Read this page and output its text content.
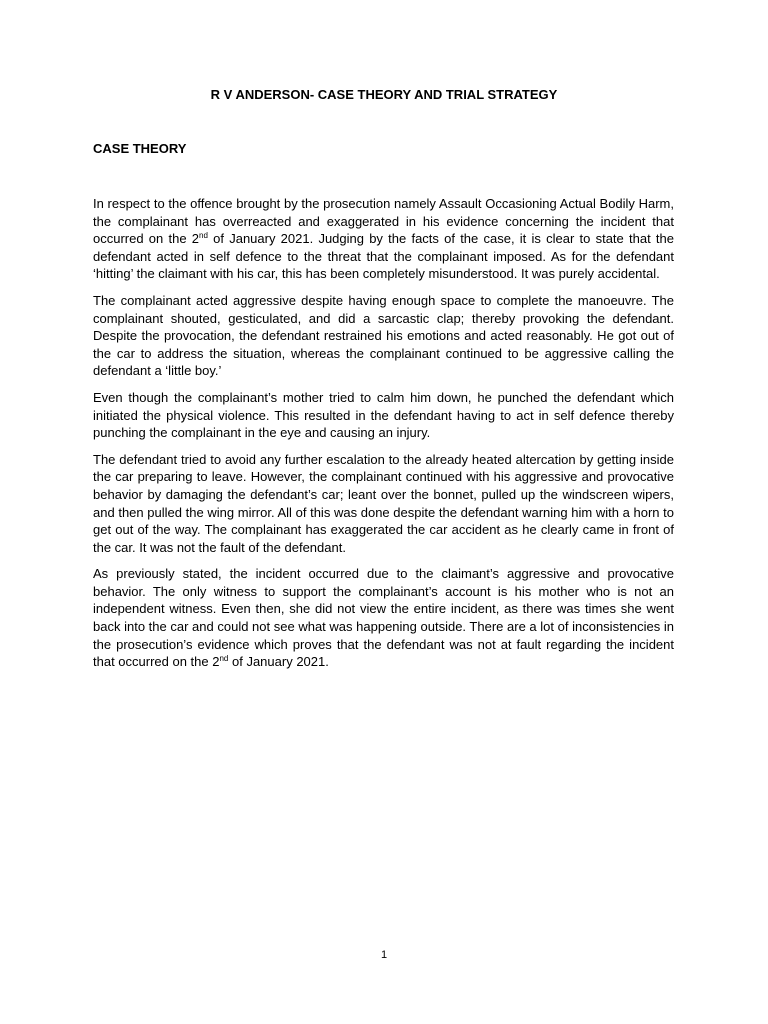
R V ANDERSON- CASE THEORY AND TRIAL STRATEGY
CASE THEORY

In respect to the offence brought by the prosecution namely Assault Occasioning Actual Bodily Harm, the complainant has overreacted and exaggerated in his evidence concerning the incident that occurred on the 2nd of January 2021. Judging by the facts of the case, it is clear to state that the defendant acted in self defence to the threat that the complainant imposed. As for the defendant ‘hitting’ the claimant with his car, this has been completely misunderstood. It was purely accidental.

The complainant acted aggressive despite having enough space to complete the manoeuvre. The complainant shouted, gesticulated, and did a sarcastic clap; thereby provoking the defendant. Despite the provocation, the defendant restrained his emotions and acted reasonably. He got out of the car to address the situation, whereas the complainant continued to be aggressive calling the defendant a ‘little boy.’

Even though the complainant’s mother tried to calm him down, he punched the defendant which initiated the physical violence. This resulted in the defendant having to act in self defence thereby punching the complainant in the eye and causing an injury.

The defendant tried to avoid any further escalation to the already heated altercation by getting inside the car preparing to leave. However, the complainant continued with his aggressive and provocative behavior by damaging the defendant’s car; leant over the bonnet, pulled up the windscreen wipers, and then pulled the wing mirror. All of this was done despite the defendant warning him with a horn to get out of the way. The complainant has exaggerated the car accident as he clearly came in front of the car. It was not the fault of the defendant.

As previously stated, the incident occurred due to the claimant’s aggressive and provocative behavior. The only witness to support the complainant’s account is his mother who is not an independent witness. Even then, she did not view the entire incident, as there was times she went back into the car and could not see what was happening outside. There are a lot of inconsistencies in the prosecution’s evidence which proves that the defendant was not at fault regarding the incident that occurred on the 2nd of January 2021.

1
